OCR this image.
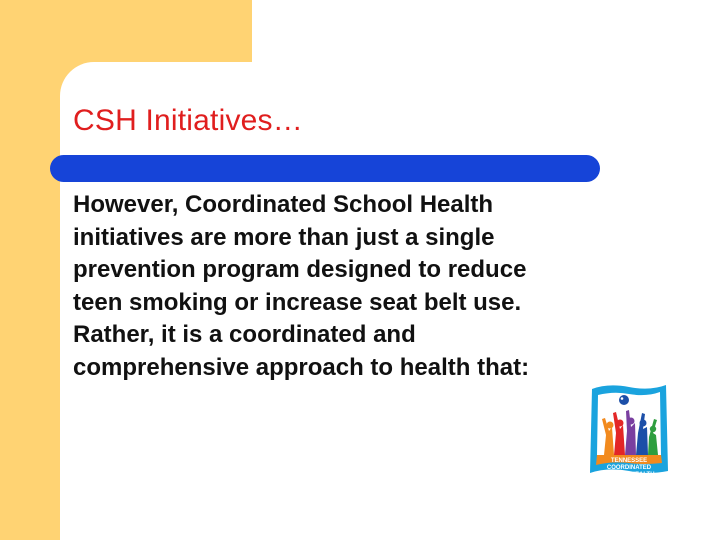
CSH Initiatives…

However, Coordinated School Health initiatives are more than just a single prevention program designed to reduce teen smoking or increase seat belt use. Rather, it is a coordinated and comprehensive approach to health that:

TENNESSEE COORDINATED
SCHOOL HEALTH
